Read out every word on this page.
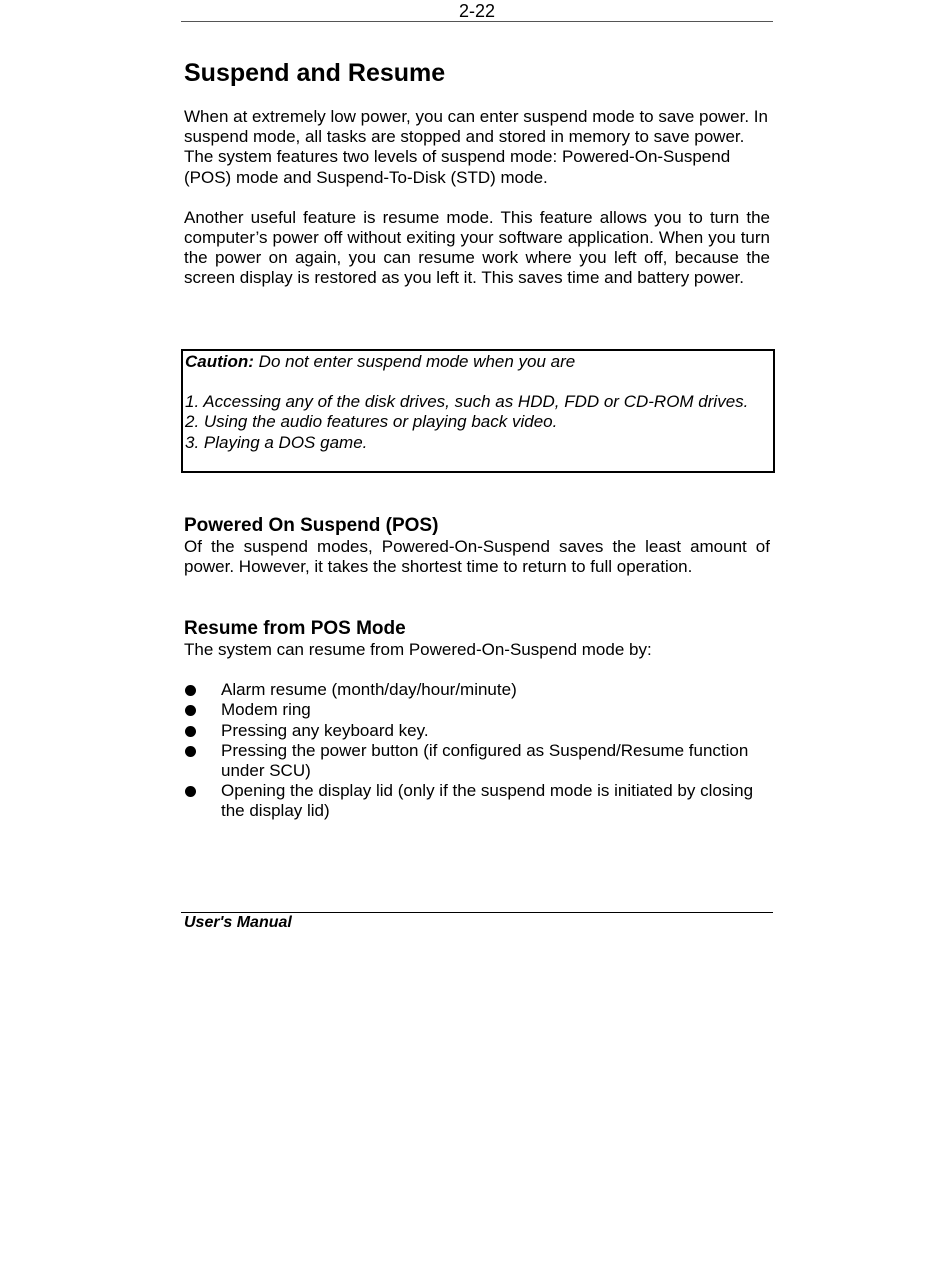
2-22
Suspend and Resume

When at extremely low power, you can enter suspend mode to save power. In suspend mode, all tasks are stopped and stored in memory to save power. The system features two levels of suspend mode: Powered-On-Suspend (POS) mode and Suspend-To-Disk (STD) mode.

Another useful feature is resume mode. This feature allows you to turn the computer’s power off without exiting your software application. When you turn the power on again, you can resume work where you left off, because the screen display is restored as you left it. This saves time and battery power.

Caution: Do not enter suspend mode when you are
1. Accessing any of the disk drives, such as HDD, FDD or CD-ROM drives.
2. Using the audio features or playing back video.
3. Playing a DOS game.
Powered On Suspend (POS)

Of the suspend modes, Powered-On-Suspend saves the least amount of power. However, it takes the shortest time to return to full operation.

Resume from POS Mode

The system can resume from Powered-On-Suspend mode by:

Alarm resume (month/day/hour/minute)
Modem ring
Pressing any keyboard key.
Pressing the power button (if configured as Suspend/Resume function under SCU)
Opening the display lid (only if the suspend mode is initiated by closing the display lid)
User's Manual
